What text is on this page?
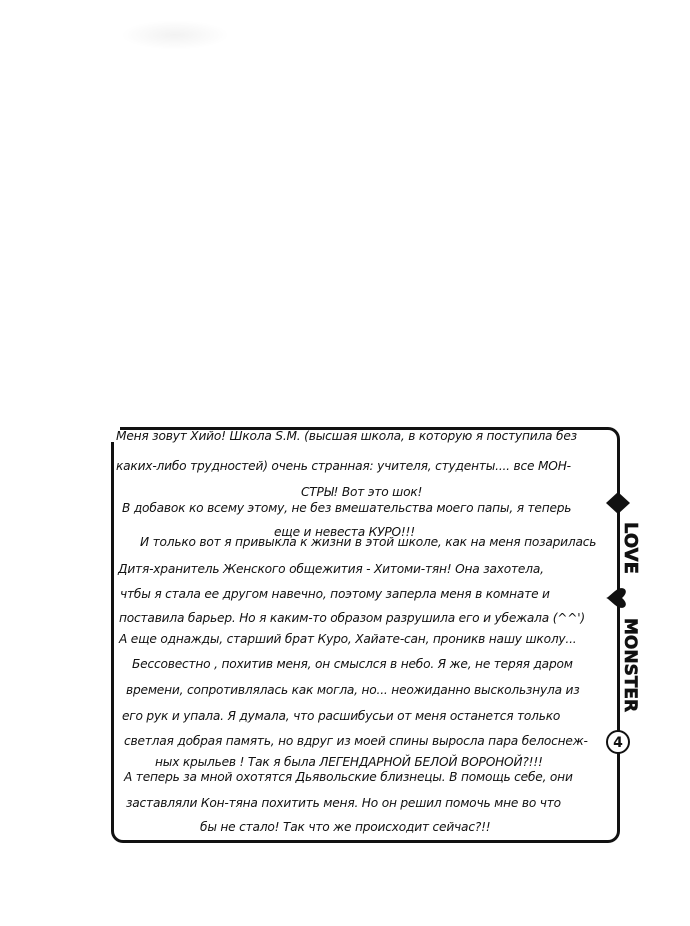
Меня зовут Хийо! Школа S.M. (высшая школа, в которую я поступила без
каких-либо трудностей) очень странная: учителя, студенты.... все МОН-
СТРЫ! Вот это шок!
В добавок ко всему этому, не без вмешательства моего папы, я теперь
еще и невеста КУРО!!!
И только вот я привыкла к жизни в этой школе, как на меня позарилась
Дитя-хранитель Женского общежития - Хитоми-тян! Она захотела,
чтбы я стала ее другом навечно, поэтому заперла меня в комнате и
поставила барьер. Но я каким-то образом разрушила его и убежала (^^')
А еще однажды, старший брат Куро, Хайате-сан, проникв нашу школу...
Бессовестно , похитив меня, он смыслся в небо. Я же, не теряя даром
времени, сопротивлялась как могла, но... неожиданно выскользнула из
его рук и упала. Я думала, что расшибусьи от меня останется только
светлая добрая память, но вдруг из моей спины выросла пара белоснеж-
ных крыльев ! Так я была ЛЕГЕНДАРНОЙ БЕЛОЙ ВОРОНОЙ?!!!
А теперь за мной охотятся Дьявольские близнецы. В помощь себе, они
заставляли Кон-тяна похитить меня. Но он решил помочь мне во что
бы не стало! Так что же происходит сейчас?!!
LOVE
MONSTER
4
